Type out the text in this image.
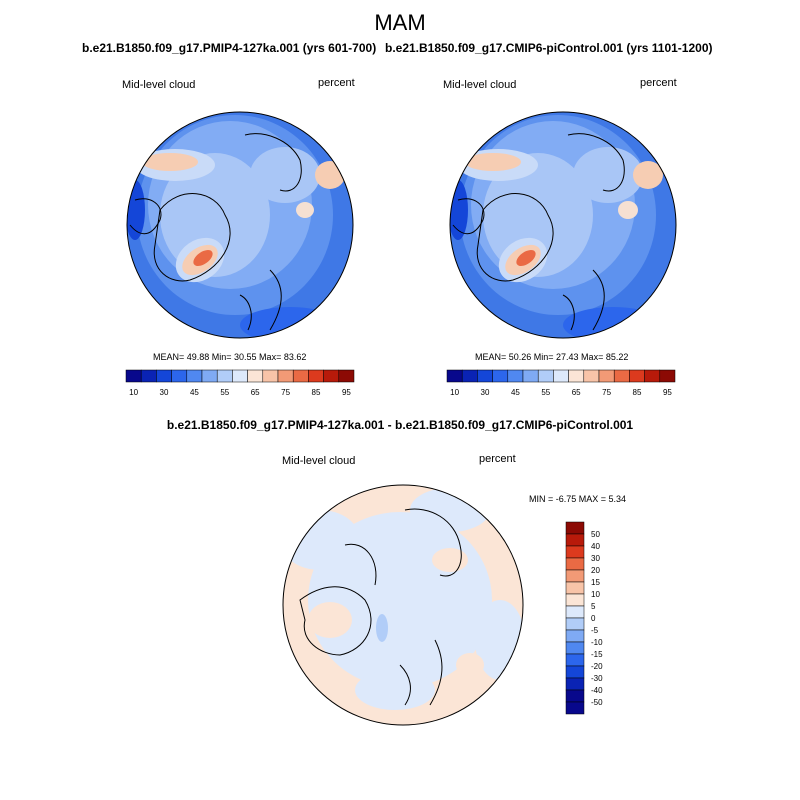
MAM
b.e21.B1850.f09_g17.PMIP4-127ka.001 (yrs 601-700) b.e21.B1850.f09_g17.CMIP6-piControl.001 (yrs 1101-1200)
Mid-level cloud	percent	Mid-level cloud	percent
MEAN= 49.88 Min= 30.55 Max= 83.62	MEAN= 50.26 Min= 27.43 Max= 85.22
10	30	45	55	65	75	85	95	10	30	45	55	65	75	85	95
b.e21.B1850.f09_g17.PMIP4-127ka.001 - b.e21.B1850.f09_g17.CMIP6-piControl.001
Mid-level cloud	percent
MIN = -6.75 MAX = 5.34
50
40
30
20
15
10
5
0
-5
-10
-15
-20
-30
-40
-50
